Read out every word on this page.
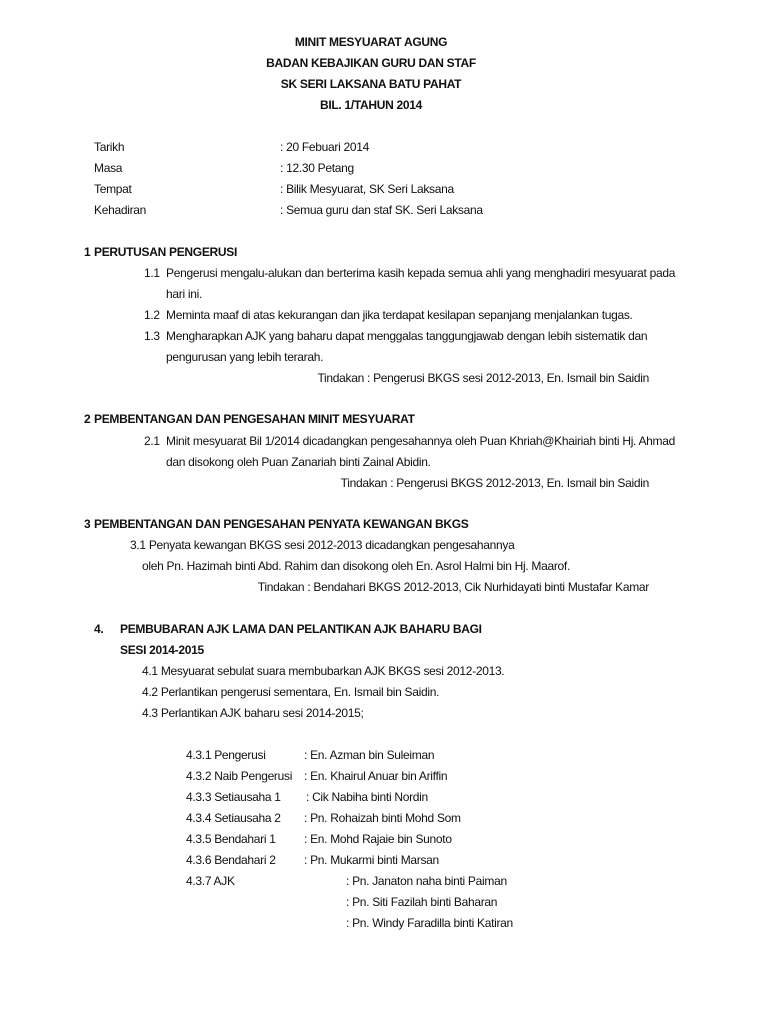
MINIT MESYUARAT AGUNG
BADAN KEBAJIKAN GURU DAN STAF
SK SERI LAKSANA BATU PAHAT
BIL. 1/TAHUN 2014
Tarikh	: 20 Febuari 2014
Masa	: 12.30 Petang
Tempat	: Bilik Mesyuarat, SK Seri Laksana
Kehadiran	: Semua guru dan staf SK. Seri Laksana
1 PERUTUSAN PENGERUSI
1.1 Pengerusi mengalu-alukan dan berterima kasih kepada semua ahli yang menghadiri mesyuarat pada
hari ini.
1.2 Meminta maaf di atas kekurangan dan jika terdapat kesilapan sepanjang menjalankan tugas.
1.3 Mengharapkan AJK yang baharu dapat menggalas tanggungjawab dengan lebih sistematik dan
pengurusan yang lebih terarah.
Tindakan : Pengerusi BKGS sesi 2012-2013, En. Ismail bin Saidin
2 PEMBENTANGAN DAN PENGESAHAN MINIT MESYUARAT
2.1 Minit mesyuarat Bil 1/2014 dicadangkan pengesahannya oleh Puan Khriah@Khairiah binti Hj. Ahmad
dan disokong oleh Puan Zanariah binti Zainal Abidin.
Tindakan : Pengerusi BKGS 2012-2013, En. Ismail bin Saidin
3 PEMBENTANGAN DAN PENGESAHAN PENYATA KEWANGAN BKGS
3.1 Penyata kewangan BKGS sesi 2012-2013 dicadangkan pengesahannya
oleh Pn. Hazimah binti Abd. Rahim dan disokong oleh En. Asrol Halmi bin Hj. Maarof.
Tindakan : Bendahari BKGS 2012-2013, Cik Nurhidayati binti Mustafar Kamar
4. PEMBUBARAN AJK LAMA DAN PELANTIKAN AJK BAHARU BAGI
SESI 2014-2015
4.1 Mesyuarat sebulat suara membubarkan AJK BKGS sesi 2012-2013.
4.2 Perlantikan pengerusi sementara, En. Ismail bin Saidin.
4.3 Perlantikan AJK baharu sesi 2014-2015;
4.3.1 Pengerusi	: En. Azman bin Suleiman
4.3.2 Naib Pengerusi : En. Khairul Anuar bin Ariffin
4.3.3 Setiausaha 1 : Cik Nabiha binti Nordin
4.3.4 Setiausaha 2 : Pn. Rohaizah binti Mohd Som
4.3.5 Bendahari 1 : En. Mohd Rajaie bin Sunoto
4.3.6 Bendahari 2 : Pn. Mukarmi binti Marsan
4.3.7 AJK	: Pn. Janaton naha binti Paiman
: Pn. Siti Fazilah binti Baharan
: Pn. Windy Faradilla binti Katiran
